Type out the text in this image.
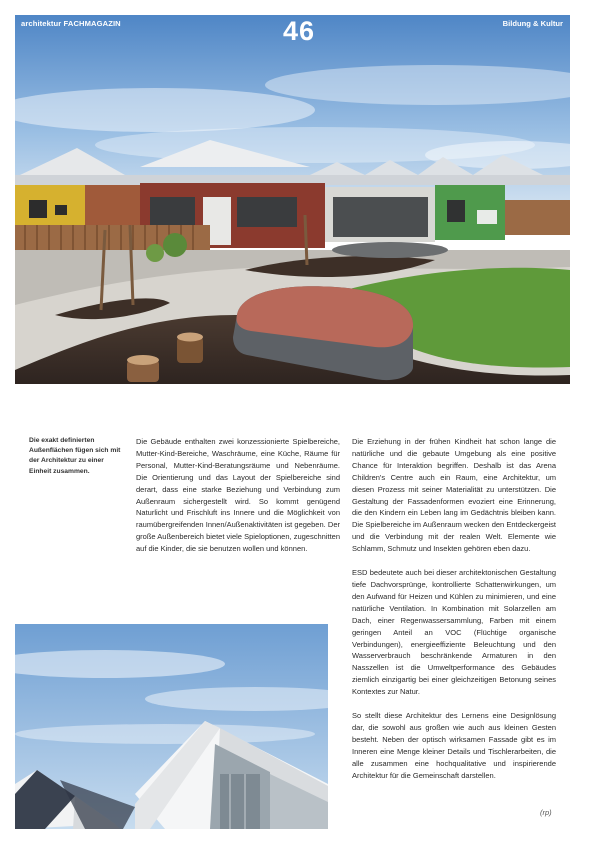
architektur FACHMAGAZIN	46	Bildung & Kultur
Die exakt definierten Außenflächen fügen sich mit der Architektur zu einer Einheit zusammen.

Die Gebäude enthalten zwei konzessionierte Spielbereiche, Mutter-Kind-Bereiche, Waschräume, eine Küche, Räume für Personal, Mutter-Kind-Beratungsräume und Nebenräume. Die Orientierung und das Layout der Spielbereiche sind derart, dass eine starke Beziehung und Verbindung zum Außenraum sichergestellt wird. So kommt genügend Naturlicht und Frischluft ins Innere und die Möglichkeit von raumübergreifenden Innen/Außenaktivitäten ist gegeben. Der große Außenbereich bietet viele Spieloptionen, zugeschnitten auf die Kinder, die sie benutzen wollen und können.

Die Erziehung in der frühen Kindheit hat schon lange die natürliche und die gebaute Umgebung als eine positive Chance für Interaktion begriffen. Deshalb ist das Arena Children's Centre auch ein Raum, eine Architektur, um diesen Prozess mit seiner Materialität zu unterstützen. Die Gestaltung der Fassadenformen evoziert eine Erinnerung, die den Kindern ein Leben lang im Gedächtnis bleiben kann. Die Spielbereiche im Außenraum wecken den Entdeckergeist und die Verbindung mit der realen Welt. Elemente wie Schlamm, Schmutz und Insekten gehören eben dazu.

ESD bedeutete auch bei dieser architektonischen Gestaltung tiefe Dachvorsprünge, kontrollierte Schattenwirkungen, um den Aufwand für Heizen und Kühlen zu minimieren, und eine natürliche Ventilation. In Kombination mit Solarzellen am Dach, einer Regenwassersammlung, Farben mit einem geringen Anteil an VOC (Flüchtige organische Verbindungen), energieeffiziente Beleuchtung und den Wasserverbrauch beschränkende Armaturen in den Nasszellen ist die Umweltperformance des Gebäudes ziemlich einzigartig bei einer gleichzeitigen Betonung seines Kontextes zur Natur.

So stellt diese Architektur des Lernens eine Designlösung dar, die sowohl aus großen wie auch aus kleinen Gesten besteht. Neben der optisch wirksamen Fassade gibt es im Inneren eine Menge kleiner Details und Tischlerarbeiten, die alle zusammen eine hochqualitative und inspirierende Architektur für die Gemeinschaft darstellen.

(rp)
